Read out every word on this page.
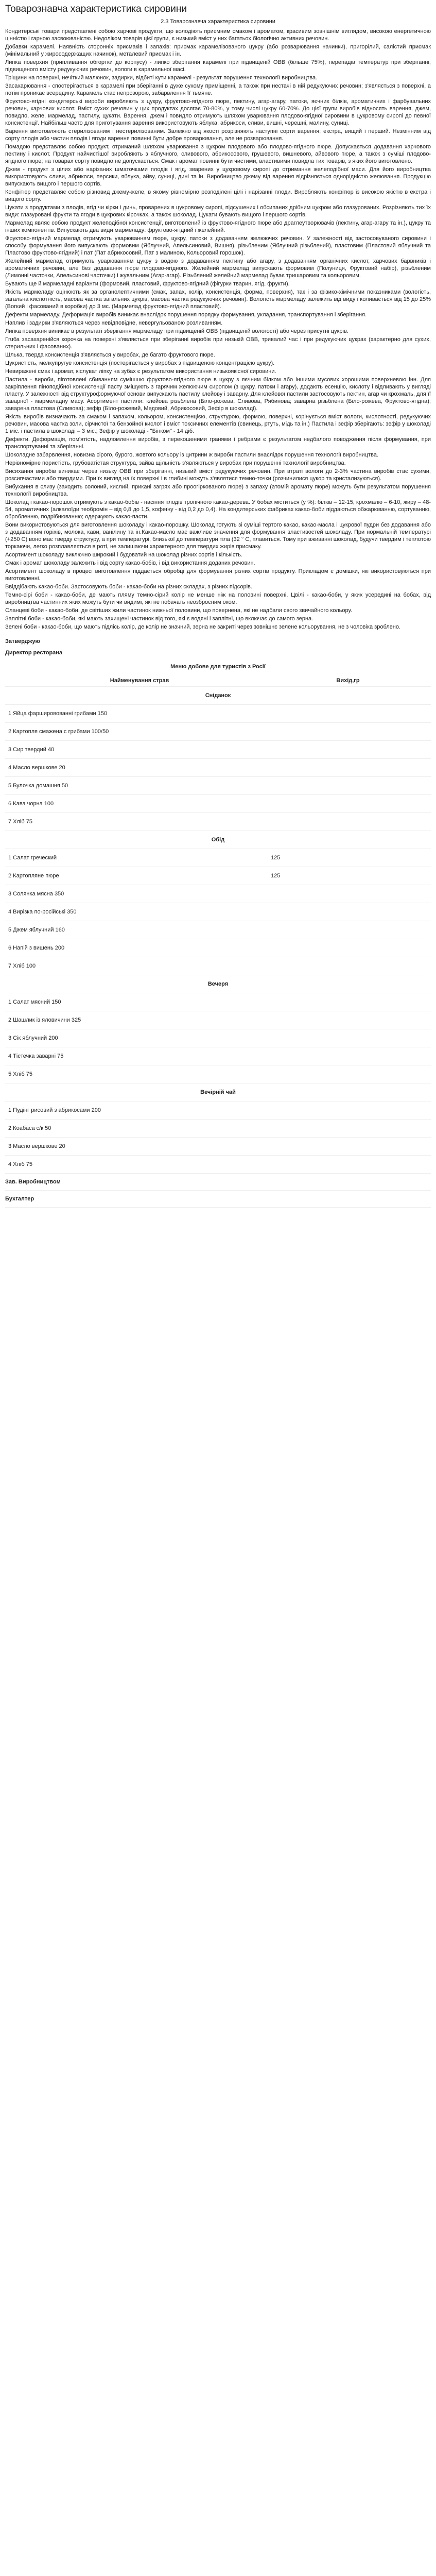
Товарознавча характеристика сировини
2.3 Товарознавча характеристика сировини

Кондитерські товари представлені собою харчові продукти, що володіють приємним смаком і ароматом, красивим зовнішнім виглядом, високою енергетичною цінністю і гарною засвоюваністю. Недоліком товарів цієї групи, є низький вміст у них багатьох біологічно активних речовин.

Добавки карамелі. Наявність сторонніх присмаків і запахів: присмак карамелізованого цукру (або розварювання начинки), пригорілий, салістий присмак (мінімальний у жиросодержащих начинок), металевий присмак і ін.

Липка поверхня (припливання обгортки до корпусу) - липко зберігання карамелі при підвищеній ОВВ (більше 75%), перепадів температур при зберіганні, підвищеного вмісту редукуючих речовин, вологи в карамельної масі.

Тріщини на поверхні, нечіткий малюнок, задирки, відбиті кути карамелі - результат порушення технології виробництва.

Засахарювання - спостерігається в карамелі при зберіганні в дуже сухому приміщенні, а також при нестачі в ній редукуючих речовин; з'являється з поверхні, а потім проникає всередину. Карамель стає непрозорою, забарвлення її тьмяне.

Фруктово-ягідні кондитерські вироби виробляють з цукру, фруктово-ягідного пюре, пектину, агар-агару, патоки, яєчних білків, ароматичних і фарбувальних речовин, харчових кислот. Вміст сухих речовин у цих продуктах досягає 70-80%, у тому числі цукру 60-70%. До цієї групи виробів відносять варення, джем, повидло, желе, мармелад, пастилу, цукати. Варення, джем і повидло отримують шляхом уварювання плодово-ягідної сировини в цукровому сиропі до певної консистенції. Найбільш часто для приготування варення використовують яблука, абрикоси, сливи, вишні, черешні, малину, суниці.

Варення виготовляють стерилізованим і нестерилізованим. Залежно від якості розрізняють наступні сорти варення: екстра, вищий і перший. Незмінним від сорту плодів або частин плодів і ягоди варення повинні бути добре проварювання, але не розварювання.

Помадою представляє собою продукт, отриманий шляхом уварювання з цукром плодового або плодово-ягідного пюре. Допускається додавання харчового пектину і кислот. Продукт найчистішої виробляють з яблучного, сливового, абрикосового, грушевого, вишневого, айвового пюре, а також з суміші плодово-ягідного пюре; на товарах сорту повидло не допускається. Смак і аромат повинні бути чистими, властивими повидла тих товарів, з яких його виготовлено.

Джем - продукт з цілих або нарізаних шматочками плодів і ягід, зварених у цукровому сиропі до отримання желеподібної маси. Для його виробництва використовують сливи, абрикоси, персики, яблука, айву, суниці, дині та ін. Виробництво джему від варення відрізняється однорідністю желювання. Продукцію випускають вищого і першого сортів.

Конфітюр представляє собою різновид джему-желе, в якому рівномірно розподілені цілі і нарізанні плоди. Виробляють конфітюр із високою якістю в екстра і вищого сорту.

Цукати з продуктами з плодів, ягід чи кірки і динь, проварених в цукровому сиропі, підсушених і обсипаних дрібним цукром або глазурованих. Розрізняють тих їх види: глазуровані фрукти та ягоди в цукрових кірочках, а також шоколад. Цукати бувають вищого і першого сортів.

Мармелад являє собою продукт желеподібної консистенції, виготовлений із фруктово-ягідного пюре або драглеутворювачів (пектину, агар-агару та ін.), цукру та інших компонентів. Випускають два види мармеладу: фруктово-ягідний і желейний.

Фруктово-ягідний мармелад отримують уварюванням пюре, цукру, патоки з додаванням желюючих речовин. У залежності від застосовуваного сировини і способу формування його випускають формовим (Яблучний, Апельсиновий, Вишня), різьбленим (Яблучний різьблений), пластовим (Пластовий яблучний та Пластово фруктово-ягідний) і пат (Пат абрикосовий, Пат з малиною, Кольоровий горошок).

Желейний мармелад отримують уварюванням цукру з водою з додаванням пектину або агару, з додаванням органічних кислот, харчових барвників і ароматичних речовин, але без додавання пюре плодово-ягідного. Желейний мармелад випускають формовим (Полуниця, Фруктовий набір), різьбленим (Лимонні часточки, Апельсинові часточки) і жувальним (Агар-агар). Різьблений желейний мармелад буває тришаровим та кольоровим.

Бувають ще й мармеладні варіанти (формовий, пластовий, фруктово-ягідний (фігурки тварин, ягід, фрукти).

Якість мармеладу оцінюють як за органолептичними (смак, запах, колір, консистенція, форма, поверхня), так і за фізико-хімічними показниками (вологість, загальна кислотність, масова частка загальних цукрів, масова частка редукуючих речовин). Вологість мармеладу залежить від виду і коливається від 15 до 25% (Вогкий і фасований в коробки) до 3 мс. (Мармелад фруктово-ягідний пластовий).

Дефекти мармеладу. Деформація виробів виникає внаслідок порушення порядку формування, укладання, транспортування і зберігання.

Наплив і задирки з'являються через невідповідне, невергульованою розливанням.

Липка поверхня виникає в результаті зберігання мармеладу при підвищеній ОВВ (підвищеній вологості) або через присутні цукрів.

Гruба засахаренійся корочка на поверхні з'являється при зберіганні виробів при низькій ОВВ, тривалий час і при редукуючих цукрах (характерно для сухих, стерильних і фасованих).

Шлька, тверда консистенція з'являється у виробах, де багато фруктового пюре.

Цукристість, мелкупругуе консистенція (постерігається у виробах з підвищеною концентрацією цукру).

Невиражені смак і аромат, кіслуват ліпку на зубах є результатом використання низькоякісної сировини.

Пастила - вироби, піготовлені сбиванням сумішшю фруктово-ягідного пюре в цукру з яєчним білком або іншими мусових хорошими поверхневою інн. Для закріплення піноподібної консистенції пасту змішують з гарячим желюючим сиропом (з цукру, патоки і агару), додають есенцію, кислоту і відливають у вигляді пласту. У залежності від структуроформуючої основи випускають пастилу клейову і заварну. Для клейової пастили застосовують пектин, агар чи крохмаль, для її заварної - мармеладну масу. Асортимент пастили: клейова різьблена (Біло-рожева, Сливова, Рябинова; заварна різьблена (Біло-рожева, Фруктово-ягідна); заварена пластова (Сливова); зефір (Біло-рожевий, Медовий, Абрикосовий, Зефір в шоколаді).

Якість виробів визначають за смаком і запахом, кольором, консистенцією, структурою, формою, поверхні, корінується вміст вологи, кислотності, редукуючих речовин, масова частка золи, сірчистої та бензойної кислот і вміст токсичних елементів (свинець, ртуть, мідь та ін.) Пастила і зефір зберігають: зефір у шоколаді 1 міс. і пастила в шоколаді – 3 міс.; Зефір у шоколаді - "Бінком" - 14 діб.

Дефекти. Деформація, пом'ятість, надломлення виробів, з перекошеними гранями і ребрами є результатом недбалого поводження після формування, при транспортуванні та зберіганні.

Шоколадне забарвлення, новизна сірого, бурого, жовтого кольору із цитрини ж вироби пастили внаслідок порушення технології виробництва.

Нерівномірне пористість, грубоватістая структура, зайва щільність з'являються у виробах при порушенні технології виробництва.

Висихання виробів виникає через низьку ОВВ при зберіганні, низький вміст редукуючих речовин. При втраті вологи до 2-3% частина виробів стає сухими, розсипчастими або твердими. При їх вигляд на їх поверхні і в глибині можуть з'являтися темно-точки (розчинилися цукор та кристализуються).

Вибухання в слизу (заходить солоний, кислий, прикані загрях або проогіркованого пюре) з запаху (атомій аромату пюре) можуть бути результатом порушення технології виробництва.

Шоколад і какао-порошок отримують з какао-бобів - насіння плодів тропічного какао-дерева. У бобах міститься (у %): білків – 12-15, крохмалю – 6-10, жиру – 48-54, ароматичних (алкалоїди теобромін – від 0,8 до 1,5, кофеїну - від 0,2 до 0,4). На кондитерських фабриках какао-боби піддаються обжарюванню, сортуванню, обробленню, подрібнюванню; одержують какао-пасти.

Вони використовуються для виготовлення шоколаду і какао-порошку. Шоколад готують зі суміші тертого какао, какао-масла і цукрової пудри без додавання або з додаванням горіхів, молока, кави, ванілину та ін.Какао-масло має важливе значення для формування властивостей шоколаду. При нормальній температурі (+250 С) воно має тверду структуру, а при температурі, близької до температури тіла (32 ° С, плавиться. Тому при вживанні шоколад, будучи твердим і теплотою торкаючи, легко розплавляється в роті, не залишаючи характерного для твердих жирів присмаку.

Асортимент шоколаду виключно широкий і будоватий на шоколад різних сортів і кількість.

Смак і аромат шоколаду залежить і від сорту какао-бобів, і від використання доданих речовин.

Асортимент шоколаду в процесі виготовлення піддається обробці для формування різних сортів продукту. Прикладом є домішки, які використовуються при виготовленні.

Ввіддібають какао-боби. Застосовують боби - какао-боби на різних складах, з різних підсорів.

Темно-сірі боби - какао-боби, де мають пляму темно-сірий колір не менше ніж на половині поверхні. Цвілі - какао-боби, у яких усередині на бобах, від виробництва частинних яких можуть бути чи видимі, які не побачать неозброєним оком.

Сланцеві боби - какао-боби, де світіших жили частинок нижньої половини, що повернена, які не надбали свого звичайного кольору.

Заплітні боби - какао-боби, які мають захищені частинок від того, які є водяні і заплітні, що включає до самого зерна.

Зелені боби - какао-боби, що мають підлісь колір, де колір не значний, зерна не закриті через зовнішнє зелене кольорування, не з чоловіка зроблено.

Затверджую
Директор ресторана
Меню добове для туристів з Росії
Найменування страв	Вихід,гр
Сніданок
1 Яйца фаршировованні грибами 150
2 Картопля смажена с грибами 100/50
3 Сир твердий 40
4 Масло вершкове 20
5 Булочка домашня 50
6 Кава чорна 100
7 Хліб 75
Обід
1 Салат греческий	125
2 Картопляне пюре	125
3 Солянка мясна 350
4 Вирізка по-російські 350
5 Джем яблучний 160
6 Напій з вишень 200
7 Хліб 100
Вечеря
1 Салат мясний 150
2 Шашлик із яловичини 325
3 Сік яблучний 200
4 Тістечка заварні 75
5 Хліб 75
Вечірній чай
1 Пудінг рисовий з абрикосами 200
2 Коабаса с/к 50
3 Масло вершкове 20
4 Хліб 75
Зав. Виробництвом
Бухгалтер
